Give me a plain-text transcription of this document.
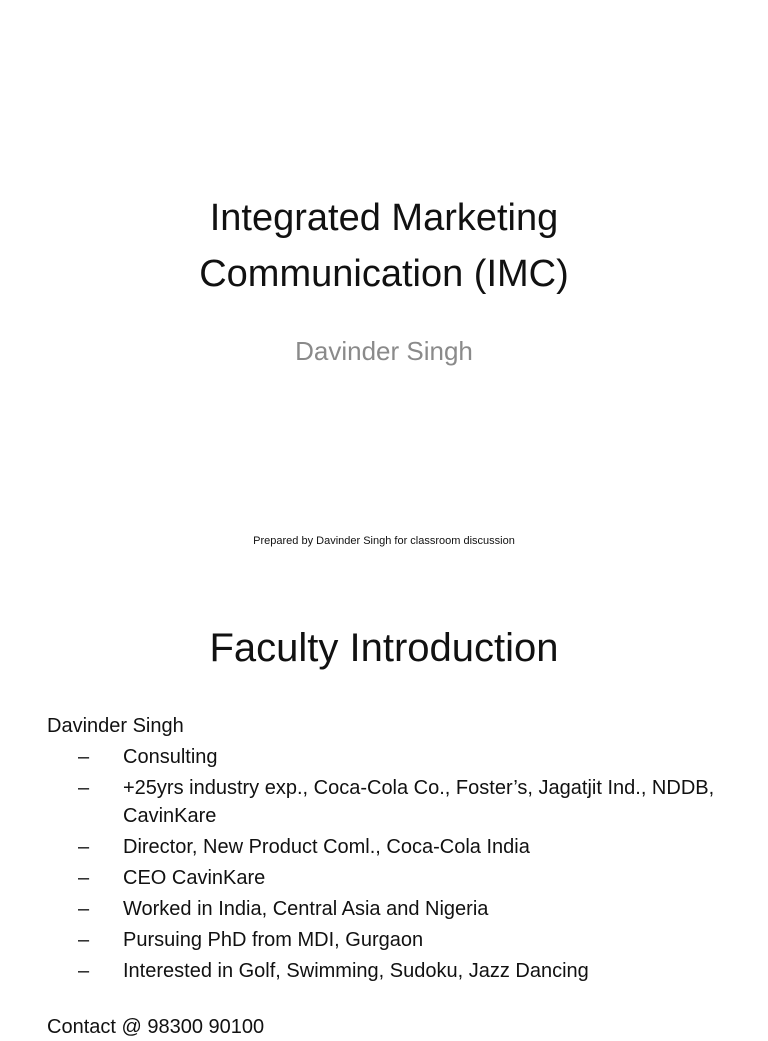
Integrated Marketing
Communication (IMC)
Davinder Singh
Prepared by Davinder Singh for classroom discussion
Faculty Introduction
Davinder Singh
–	Consulting
–	+25yrs industry exp., Coca-Cola Co., Foster’s, Jagatjit Ind., NDDB, CavinKare
–	Director, New Product Coml., Coca-Cola India
–	CEO CavinKare
–	Worked in India, Central Asia and Nigeria
–	Pursuing PhD from MDI, Gurgaon
–	Interested in Golf, Swimming, Sudoku, Jazz Dancing
Contact @ 98300 90100
